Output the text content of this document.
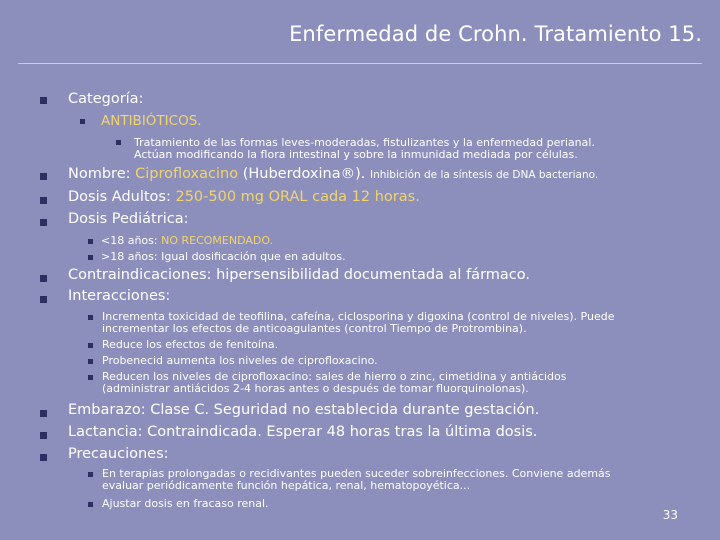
Enfermedad de Crohn. Tratamiento 15.
Categoría:
ANTIBIÓTICOS.
Tratamiento de las formas leves-moderadas, fistulizantes y la enfermedad perianal.
Actúan modificando la flora intestinal y sobre la inmunidad mediada por células.
Nombre: Ciprofloxacino (Huberdoxina®). Inhibición de la síntesis de DNA bacteriano.
Dosis Adultos: 250-500 mg ORAL cada 12 horas.
Dosis Pediátrica:
<18 años: NO RECOMENDADO.
>18 años: Igual dosificación que en adultos.
Contraindicaciones: hipersensibilidad documentada al fármaco.
Interacciones:
Incrementa toxicidad de teofilina, cafeína, ciclosporina y digoxina (control de niveles). Puede
incrementar los efectos de anticoagulantes (control Tiempo de Protrombina).
Reduce los efectos de fenitoína.
Probenecid aumenta los niveles de ciprofloxacino.
Reducen los niveles de ciprofloxacino: sales de hierro o zinc, cimetidina y antiácidos
(administrar antiácidos 2-4 horas antes o después de tomar fluorquinolonas).
Embarazo: Clase C. Seguridad no establecida durante gestación.
Lactancia: Contraindicada. Esperar 48 horas tras la última dosis.
Precauciones:
En terapias prolongadas o recidivantes pueden suceder sobreinfecciones. Conviene además
evaluar periódicamente función hepática, renal, hematopoyética...
Ajustar dosis en fracaso renal.
33
